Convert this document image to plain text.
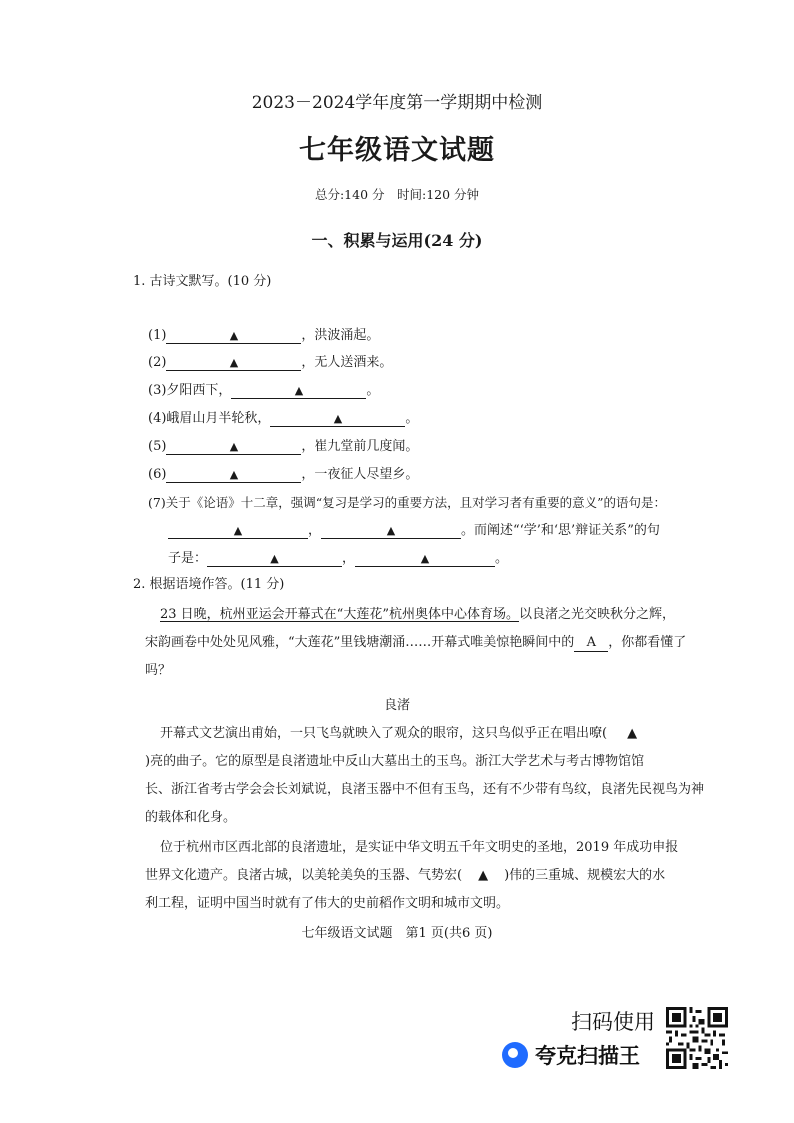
2023－2024学年度第一学期期中检测
七年级语文试题
总分:140 分　时间:120 分钟
一、积累与运用(24 分)
1. 古诗文默写。(10 分)
(1)	▲	，洪波涌起。
(2)	▲	，无人送酒来。
(3)夕阳西下，	▲	。
(4)峨眉山月半轮秋，	▲	。
(5)	▲	，崔九堂前几度闻。
(6)	▲	，一夜征人尽望乡。
(7)关于《论语》十二章，强调“复习是学习的重要方法，且对学习者有重要的意义”的语句是：
▲	，	▲	。而阐述“‘学’和‘思’辩证关系”的句
子是：	▲	，	▲	。
2. 根据语境作答。(11 分)
23 日晚，杭州亚运会开幕式在“大莲花”杭州奥体中心体育场。以良渚之光交映秋分之辉，
宋韵画卷中处处见风雅，“大莲花”里钱塘潮涌……开幕式唯美惊艳瞬间中的 A ，你都看懂了
吗？
良渚
开幕式文艺演出甫始，一只飞鸟就映入了观众的眼帘，这只鸟似乎正在唱出嘹( ▲
)亮的曲子。它的原型是良渚遗址中反山大墓出土的玉鸟。浙江大学艺术与考古博物馆馆
长、浙江省考古学会会长刘斌说，良渚玉器中不但有玉鸟，还有不少带有鸟纹，良渚先民视鸟为神
的载体和化身。
位于杭州市区西北部的良渚遗址，是实证中华文明五千年文明史的圣地，2019 年成功申报
世界文化遗产。良渚古城，以美轮美奂的玉器、气势宏( ▲ )伟的三重城、规模宏大的水
利工程，证明中国当时就有了伟大的史前稻作文明和城市文明。
七年级语文试题　第1 页(共6 页)
扫码使用
夸克扫描王
